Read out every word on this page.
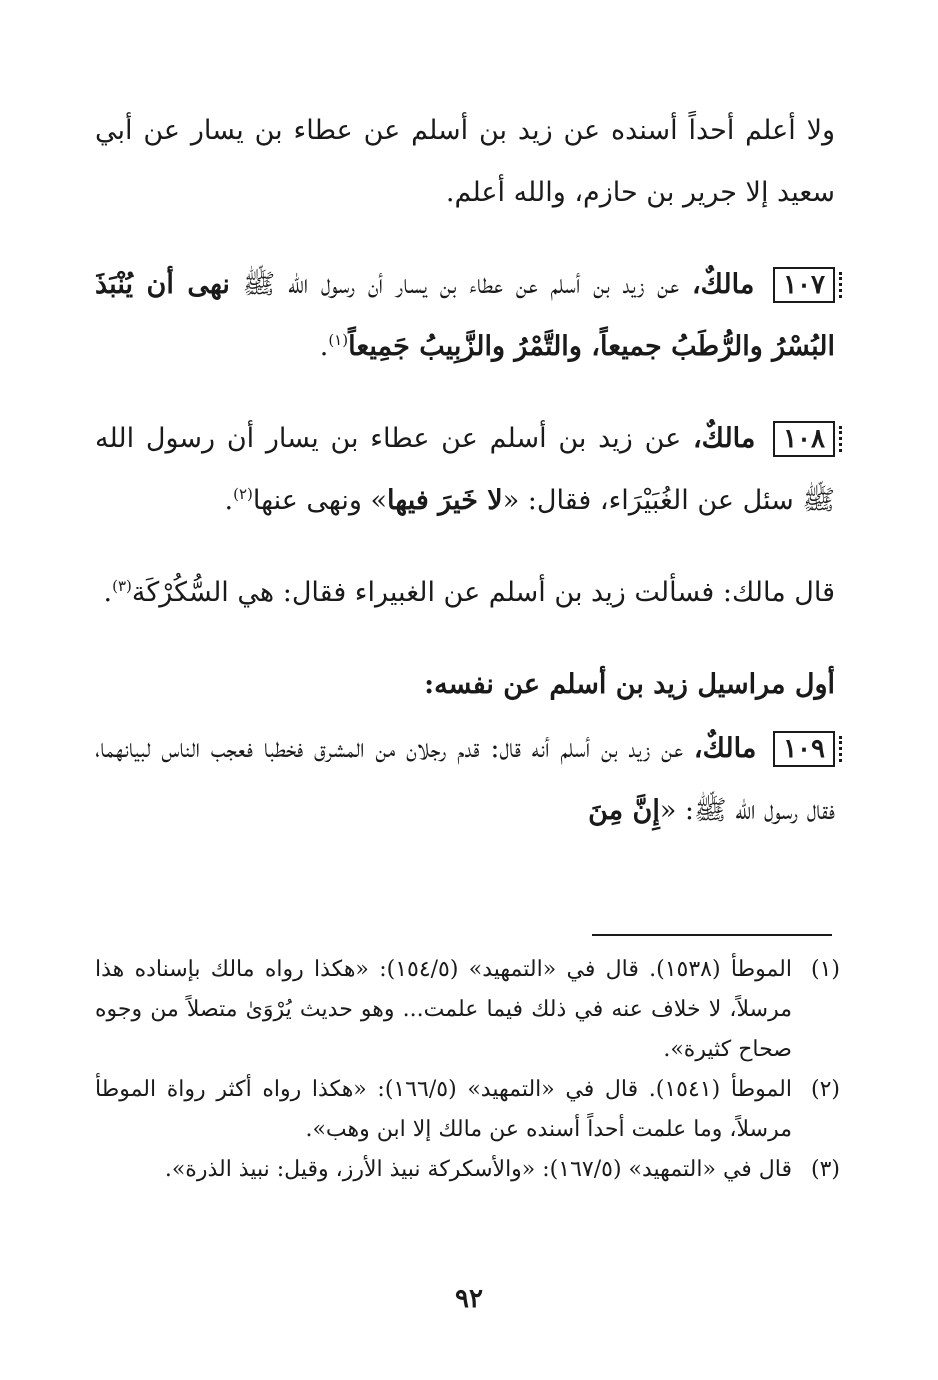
ولا أعلم أحداً أسنده عن زيد بن أسلم عن عطاء بن يسار عن أبي سعيد إلا جرير بن حازم، والله أعلم.

١٠٧ مالكٌ، عن زيد بن أسلم عن عطاء بن يسار أن رسول الله ﷺ نهى أن يُنْبَذَ البُسْرُ والرُّطَبُ جميعاً، والتَّمْرُ والزَّبِيبُ جَمِيعاً$^{(١)}$.

١٠٨ مالكٌ، عن زيد بن أسلم عن عطاء بن يسار أن رسول الله ﷺ سئل عن الغُبَيْرَاء، فقال: «لا خَيرَ فيها» ونهى عنها$^{(٢)}$.

قال مالك: فسألت زيد بن أسلم عن الغبيراء فقال: هي السُّكُرْكَة$^{(٣)}$.

أول مراسيل زيد بن أسلم عن نفسه:

١٠٩ مالكٌ، عن زيد بن أسلم أنه قال: قدم رجلان من المشرق فخطبا فعجب الناس لبيانهما، فقال رسول الله ﷺ: «إِنَّ مِنَ

(١)
الموطأ (١٥٣٨). قال في «التمهيد» (١٥٤/٥): «هكذا رواه مالك بإسناده هذا مرسلاً، لا خلاف عنه في ذلك فيما علمت... وهو حديث يُرْوَىٰ متصلاً من وجوه صحاح كثيرة».
(٢)
الموطأ (١٥٤١). قال في «التمهيد» (١٦٦/٥): «هكذا رواه أكثر رواة الموطأ مرسلاً، وما علمت أحداً أسنده عن مالك إلا ابن وهب».
(٣)
قال في «التمهيد» (١٦٧/٥): «والأسكركة نبيذ الأرز، وقيل: نبيذ الذرة».
٩٢
